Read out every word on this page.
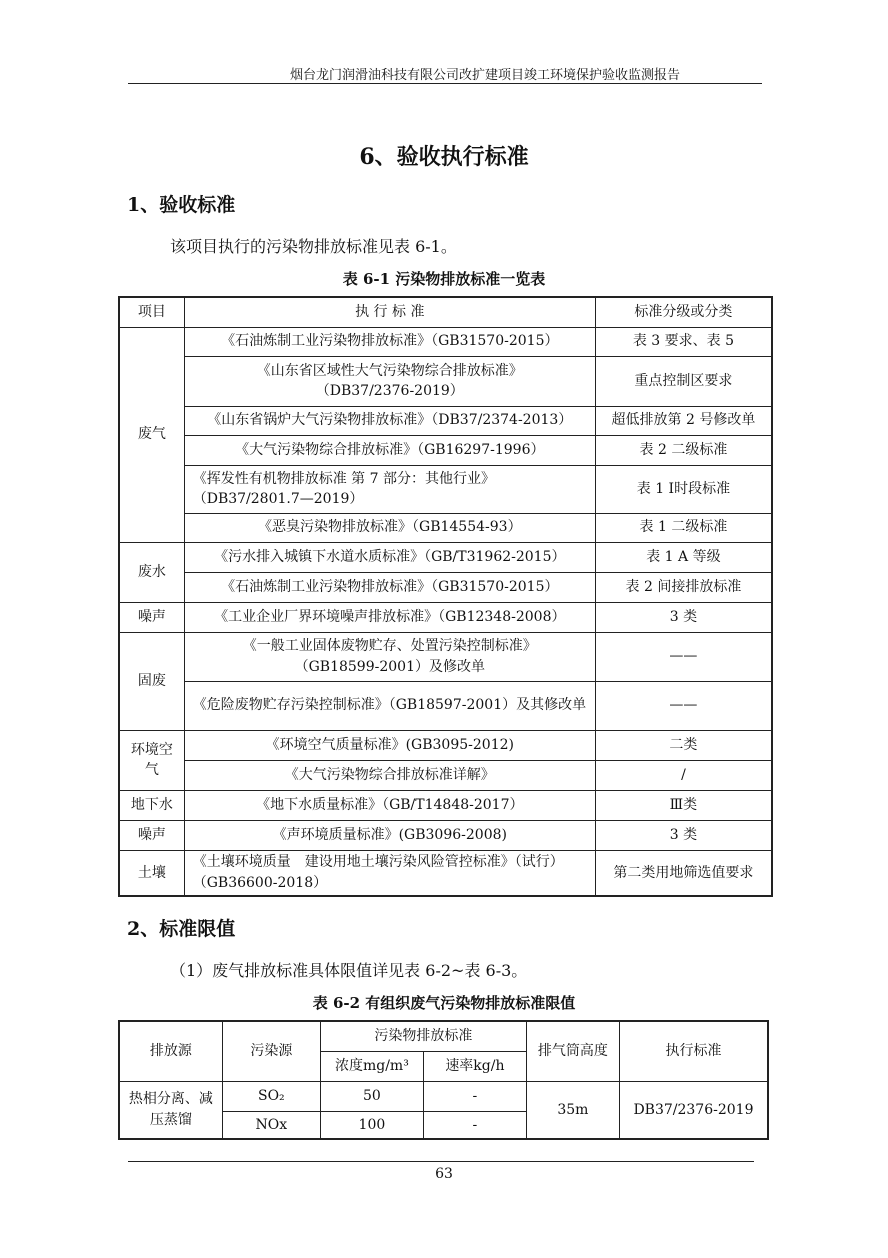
烟台龙门润滑油科技有限公司改扩建项目竣工环境保护验收监测报告
6、验收执行标准
1、验收标准
该项目执行的污染物排放标准见表 6-1。
表 6-1 污染物排放标准一览表
项目	执 行 标 准	标准分级或分类
废气	《石油炼制工业污染物排放标准》（GB31570-2015）	表 3 要求、表 5

	《山东省区域性大气污染物综合排放标准》
（DB37/2376-2019）	重点控制区要求
	《山东省锅炉大气污染物排放标准》（DB37/2374-2013）	超低排放第 2 号修改单
	《大气污染物综合排放标准》（GB16297-1996）	表 2 二级标准
	《挥发性有机物排放标准 第 7 部分：其他行业》（DB37/2801.7—2019）	表 1 Ⅰ时段标准
	《恶臭污染物排放标准》（GB14554-93）	表 1 二级标准
废水	《污水排入城镇下水道水质标准》（GB/T31962-2015）	表 1 A 等级
	《石油炼制工业污染物排放标准》（GB31570-2015）	表 2 间接排放标准
噪声	《工业企业厂界环境噪声排放标准》（GB12348-2008）	3 类
固废	《一般工业固体废物贮存、处置污染控制标准》
（GB18599-2001）及修改单	——
	《危险废物贮存污染控制标准》（GB18597-2001）及其修改单	——
环境空气	《环境空气质量标准》(GB3095-2012)	二类
	《大气污染物综合排放标准详解》	/
地下水	《地下水质量标准》（GB/T14848-2017）	Ⅲ类
噪声	《声环境质量标准》(GB3096-2008)	3 类
土壤	《土壤环境质量　建设用地土壤污染风险管控标准》（试行）（GB36600-2018）	第二类用地筛选值要求
2、标准限值
（1）废气排放标准具体限值详见表 6-2~表 6-3。
表 6-2 有组织废气污染物排放标准限值
排放源	污染源	污染物排放标准		排气筒高度	执行标准
		浓度mg/m³	速率kg/h		
热相分离、减压蒸馏	SO₂	50	-	35m	DB37/2376-2019
	NOx	100	-		
63
